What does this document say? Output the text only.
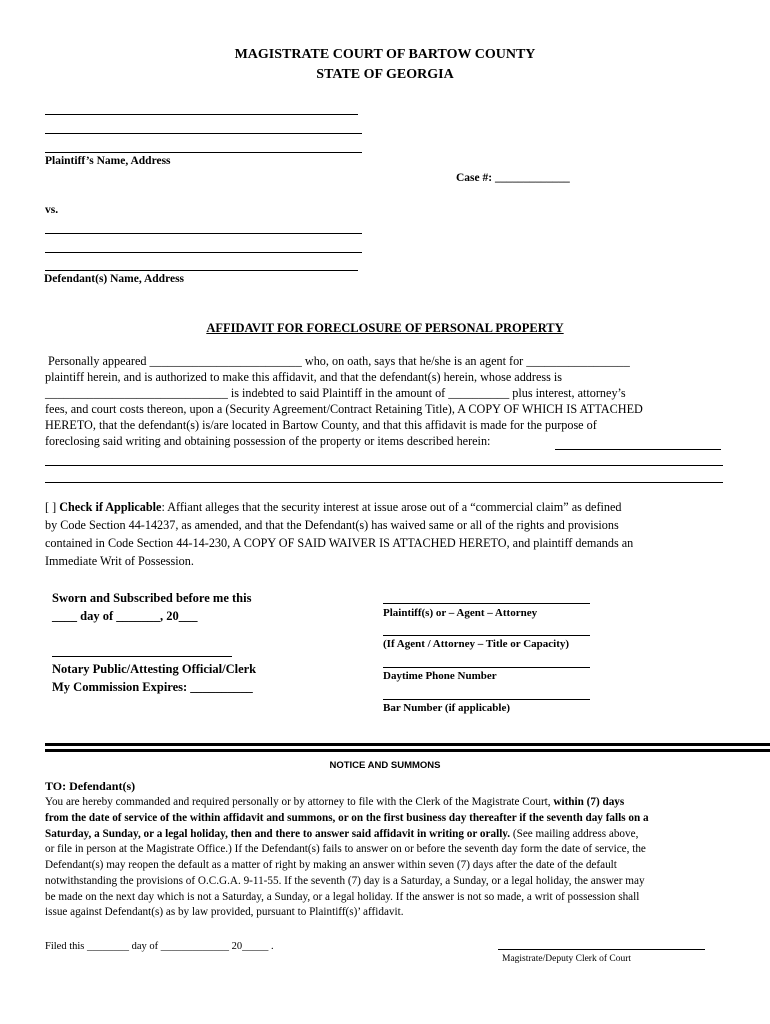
MAGISTRATE COURT OF BARTOW COUNTY
STATE OF GEORGIA
Plaintiff’s Name, Address
Case #: _____________
vs.
Defendant(s) Name, Address
AFFIDAVIT FOR FORECLOSURE OF PERSONAL PROPERTY
Personally appeared _________________________ who, on oath, says that he/she is an agent for _________________
plaintiff herein, and is authorized to make this affidavit, and that the defendant(s) herein, whose address is
______________________________ is indebted to said Plaintiff in the amount of __________ plus interest, attorney’s
fees, and court costs thereon, upon a (Security Agreement/Contract Retaining Title), A COPY OF WHICH IS ATTACHED
HERETO, that the defendant(s) is/are located in Bartow County, and that this affidavit is made for the purpose of
foreclosing said writing and obtaining possession of the property or items described herein:
[ ] Check if Applicable: Affiant alleges that the security interest at issue arose out of a “commercial claim” as defined
by Code Section 44-14237, as amended, and that the Defendant(s) has waived same or all of the rights and provisions
contained in Code Section 44-14-230, A COPY OF SAID WAIVER IS ATTACHED HERETO, and plaintiff demands an
Immediate Writ of Possession.
Sworn and Subscribed before me this
____ day of _______, 20___
Notary Public/Attesting Official/Clerk
My Commission Expires: __________
Plaintiff(s) or – Agent – Attorney
(If Agent / Attorney – Title or Capacity)
Daytime Phone Number
Bar Number (if applicable)
NOTICE AND SUMMONS
TO: Defendant(s)
You are hereby commanded and required personally or by attorney to file with the Clerk of the Magistrate Court, within (7) days
from the date of service of the within affidavit and summons, or on the first business day thereafter if the seventh day falls on a
Saturday, a Sunday, or a legal holiday, then and there to answer said affidavit in writing or orally. (See mailing address above,
or file in person at the Magistrate Office.) If the Defendant(s) fails to answer on or before the seventh day form the date of service, the
Defendant(s) may reopen the default as a matter of right by making an answer within seven (7) days after the date of the default
notwithstanding the provisions of O.C.G.A. 9-11-55. If the seventh (7) day is a Saturday, a Sunday, or a legal holiday, the answer may
be made on the next day which is not a Saturday, a Sunday, or a legal holiday. If the answer is not so made, a writ of possession shall
issue against Defendant(s) as by law provided, pursuant to Plaintiff(s)’ affidavit.
Filed this ________ day of _____________ 20_____ .
Magistrate/Deputy Clerk of Court
